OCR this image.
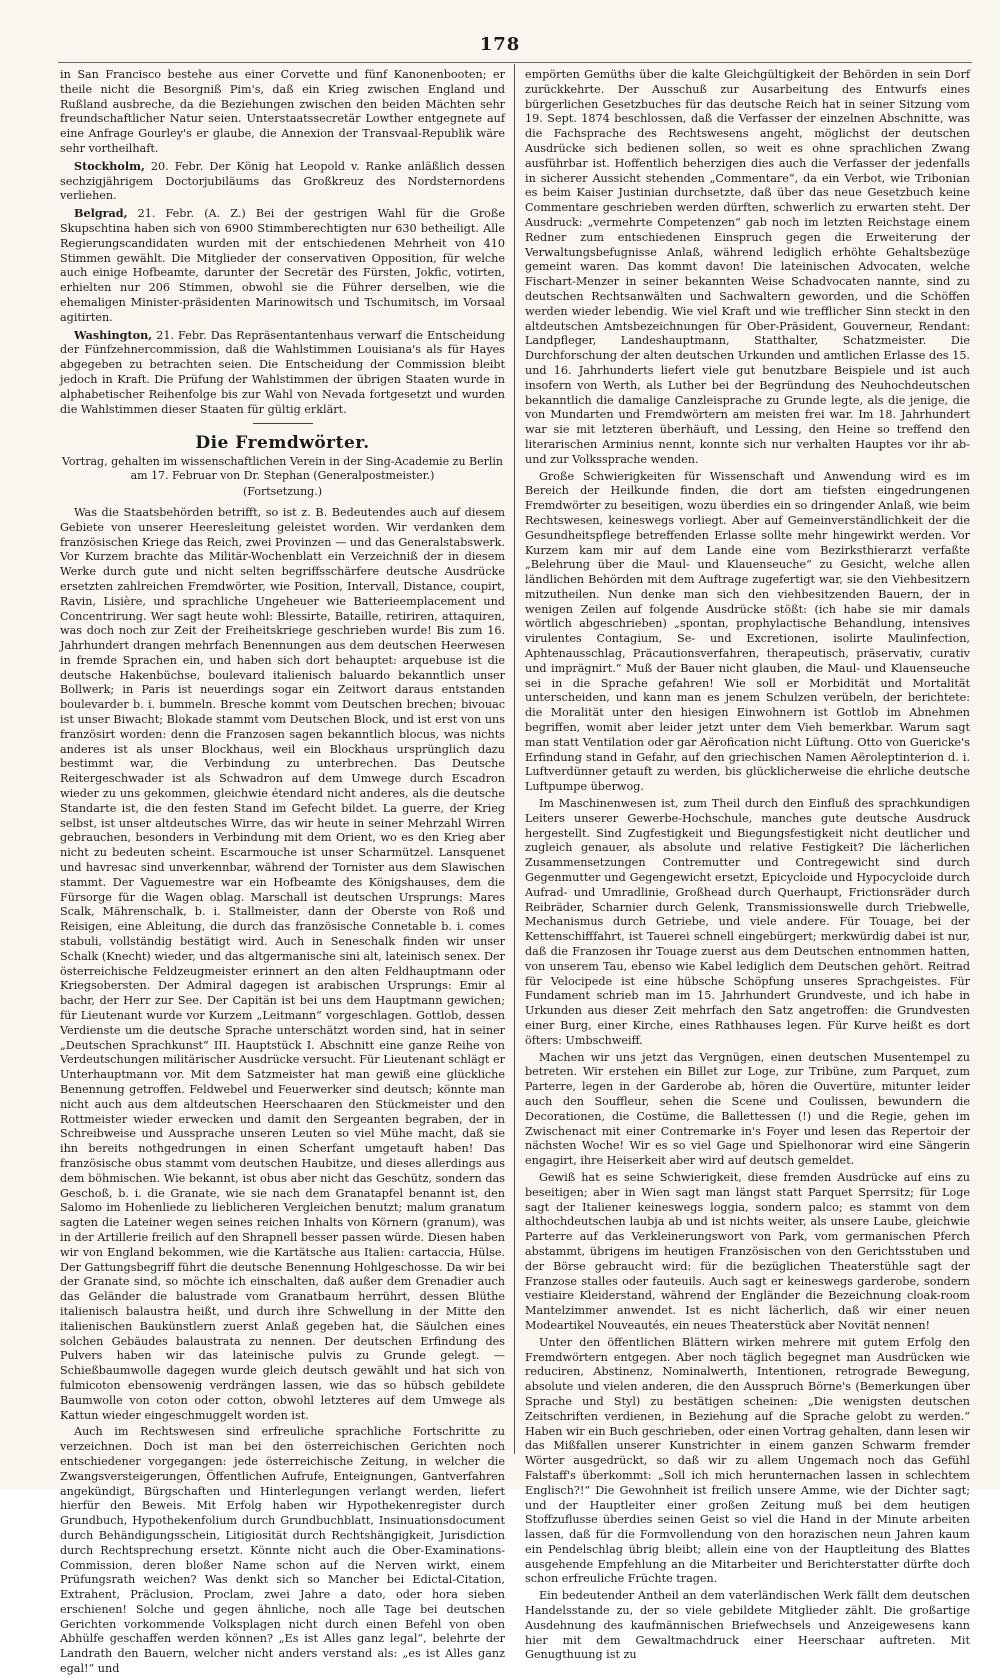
178

in San Francisco bestehe aus einer Corvette und fünf Kanonenbooten; er theile nicht die Besorgniß Pim's, daß ein Krieg zwischen England und Rußland ausbreche, da die Beziehungen zwischen den beiden Mächten sehr freundschaftlicher Natur seien. Unterstaatssecretär Lowther entgegnete auf eine Anfrage Gourley's er glaube, die Annexion der Transvaal-Republik wäre sehr vortheilhaft.

Stockholm, 20. Febr. Der König hat Leopold v. Ranke anläßlich dessen sechzigjährigem Doctorjubiläums das Großkreuz des Nordsternordens verliehen.

Belgrad, 21. Febr. (A. Z.) Bei der gestrigen Wahl für die Große Skupschtina haben sich von 6900 Stimmberechtigten nur 630 betheiligt. Alle Regierungscandidaten wurden mit der entschiedenen Mehrheit von 410 Stimmen gewählt. Die Mitglieder der conservativen Opposition, für welche auch einige Hofbeamte, darunter der Secretär des Fürsten, Jokfic, votirten, erhielten nur 206 Stimmen, obwohl sie die Führer derselben, wie die ehemaligen Minister-präsidenten Marinowitsch und Tschumitsch, im Vorsaal agitirten.

Washington, 21. Febr. Das Repräsentantenhaus verwarf die Entscheidung der Fünfzehnercommission, daß die Wahlstimmen Louisiana's als für Hayes abgegeben zu betrachten seien. Die Entscheidung der Commission bleibt jedoch in Kraft. Die Prüfung der Wahlstimmen der übrigen Staaten wurde in alphabetischer Reihenfolge bis zur Wahl von Nevada fortgesetzt und wurden die Wahlstimmen dieser Staaten für gültig erklärt.

Die Fremdwörter.
Vortrag, gehalten im wissenschaftlichen Verein in der Sing-Academie zu Berlin am 17. Februar von Dr. Stephan (Generalpostmeister.)
(Fortsetzung.)

Was die Staatsbehörden betrifft, so ist z. B. Bedeutendes auch auf diesem Gebiete von unserer Heeresleitung geleistet worden. Wir verdanken dem französischen Kriege das Reich, zwei Provinzen — und das Generalstabswerk. Vor Kurzem brachte das Militär-Wochenblatt ein Verzeichniß der in diesem Werke durch gute und nicht selten begriffsschärfere deutsche Ausdrücke ersetzten zahlreichen Fremdwörter, wie Position, Intervall, Distance, coupirt, Ravin, Lisière, und sprachliche Ungeheuer wie Batterieemplacement und Concentrirung. Wer sagt heute wohl: Blessirte, Bataille, retiriren, attaquiren, was doch noch zur Zeit der Freiheitskriege geschrieben wurde! Bis zum 16. Jahrhundert drangen mehrfach Benennungen aus dem deutschen Heerwesen in fremde Sprachen ein, und haben sich dort behauptet: arquebuse ist die deutsche Hakenbüchse, boulevard italienisch baluardo bekanntlich unser Bollwerk; in Paris ist neuerdings sogar ein Zeitwort daraus entstanden boulevarder b. i. bummeln. Bresche kommt vom Deutschen brechen; bivouac ist unser Biwacht; Blokade stammt vom Deutschen Block, und ist erst von uns französirt worden: denn die Franzosen sagen bekanntlich blocus, was nichts anderes ist als unser Blockhaus, weil ein Blockhaus ursprünglich dazu bestimmt war, die Verbindung zu unterbrechen. Das Deutsche Reitergeschwader ist als Schwadron auf dem Umwege durch Escadron wieder zu uns gekommen, gleichwie étendard nicht anderes, als die deutsche Standarte ist, die den festen Stand im Gefecht bildet. La guerre, der Krieg selbst, ist unser altdeutsches Wirre, das wir heute in seiner Mehrzahl Wirren gebrauchen, besonders in Verbindung mit dem Orient, wo es den Krieg aber nicht zu bedeuten scheint. Escarmouche ist unser Scharmützel. Lansquenet und havresac sind unverkennbar, während der Tornister aus dem Slawischen stammt. Der Vaguemestre war ein Hofbeamte des Königshauses, dem die Fürsorge für die Wagen oblag. Marschall ist deutschen Ursprungs: Mares Scalk, Mährenschalk, b. i. Stallmeister, dann der Oberste von Roß und Reisigen, eine Ableitung, die durch das französische Connetable b. i. comes stabuli, vollständig bestätigt wird. Auch in Seneschalk finden wir unser Schalk (Knecht) wieder, und das altgermanische sini alt, lateinisch senex. Der österreichische Feldzeugmeister erinnert an den alten Feldhauptmann oder Kriegsobersten. Der Admiral dagegen ist arabischen Ursprungs: Emir al bachr, der Herr zur See. Der Capitän ist bei uns dem Hauptmann gewichen; für Lieutenant wurde vor Kurzem „Leitmann“ vorgeschlagen. Gottlob, dessen Verdienste um die deutsche Sprache unterschätzt worden sind, hat in seiner „Deutschen Sprachkunst“ III. Hauptstück I. Abschnitt eine ganze Reihe von Verdeutschungen militärischer Ausdrücke versucht. Für Lieutenant schlägt er Unterhauptmann vor. Mit dem Satzmeister hat man gewiß eine glückliche Benennung getroffen. Feldwebel und Feuerwerker sind deutsch; könnte man nicht auch aus dem altdeutschen Heerschaaren den Stückmeister und den Rottmeister wieder erwecken und damit den Sergeanten begraben, der in Schreibweise und Aussprache unseren Leuten so viel Mühe macht, daß sie ihn bereits nothgedrungen in einen Scherfant umgetauft haben! Das französische obus stammt vom deutschen Haubitze, und dieses allerdings aus dem böhmischen. Wie bekannt, ist obus aber nicht das Geschütz, sondern das Geschoß, b. i. die Granate, wie sie nach dem Granatapfel benannt ist, den Salomo im Hohenliede zu lieblicheren Vergleichen benutzt; malum granatum sagten die Lateiner wegen seines reichen Inhalts von Körnern (granum), was in der Artillerie freilich auf den Shrapnell besser passen würde. Diesen haben wir von England bekommen, wie die Kartätsche aus Italien: cartaccia, Hülse. Der Gattungsbegriff führt die deutsche Benennung Hohlgeschosse. Da wir bei der Granate sind, so möchte ich einschalten, daß außer dem Grenadier auch das Geländer die balustrade vom Granatbaum herrührt, dessen Blüthe italienisch balaustra heißt, und durch ihre Schwellung in der Mitte den italienischen Baukünstlern zuerst Anlaß gegeben hat, die Säulchen eines solchen Gebäudes balaustrata zu nennen. Der deutschen Erfindung des Pulvers haben wir das lateinische pulvis zu Grunde gelegt. — Schießbaumwolle dagegen wurde gleich deutsch gewählt und hat sich von fulmicoton ebensowenig verdrängen lassen, wie das so hübsch gebildete Baumwolle von coton oder cotton, obwohl letzteres auf dem Umwege als Kattun wieder eingeschmuggelt worden ist.

Auch im Rechtswesen sind erfreuliche sprachliche Fortschritte zu verzeichnen. Doch ist man bei den österreichischen Gerichten noch entschiedener vorgegangen: jede österreichische Zeitung, in welcher die Zwangsversteigerungen, Öffentlichen Aufrufe, Enteignungen, Gantverfahren angekündigt, Bürgschaften und Hinterlegungen verlangt werden, liefert hierfür den Beweis. Mit Erfolg haben wir Hypothekenregister durch Grundbuch, Hypothekenfolium durch Grundbuchblatt, Insinuationsdocument durch Behändigungsschein, Litigiosität durch Rechtshängigkeit, Jurisdiction durch Rechtsprechung ersetzt. Könnte nicht auch die Ober-Examinations-Commission, deren bloßer Name schon auf die Nerven wirkt, einem Prüfungsrath weichen? Was denkt sich so Mancher bei Edictal-Citation, Extrahent, Präclusion, Proclam, zwei Jahre a dato, oder hora sieben erschienen! Solche und gegen ähnliche, noch alle Tage bei deutschen Gerichten vorkommende Volksplagen nicht durch einen Befehl von oben Abhülfe geschaffen werden können? „Es ist Alles ganz legal“, belehrte der Landrath den Bauern, welcher nicht anders verstand als: „es ist Alles ganz egal!“ und

empörten Gemüths über die kalte Gleichgültigkeit der Behörden in sein Dorf zurückkehrte. Der Ausschuß zur Ausarbeitung des Entwurfs eines bürgerlichen Gesetzbuches für das deutsche Reich hat in seiner Sitzung vom 19. Sept. 1874 beschlossen, daß die Verfasser der einzelnen Abschnitte, was die Fachsprache des Rechtswesens angeht, möglichst der deutschen Ausdrücke sich bedienen sollen, so weit es ohne sprachlichen Zwang ausführbar ist. Hoffentlich beherzigen dies auch die Verfasser der jedenfalls in sicherer Aussicht stehenden „Commentare“, da ein Verbot, wie Tribonian es beim Kaiser Justinian durchsetzte, daß über das neue Gesetzbuch keine Commentare geschrieben werden dürften, schwerlich zu erwarten steht. Der Ausdruck: „vermehrte Competenzen“ gab noch im letzten Reichstage einem Redner zum entschiedenen Einspruch gegen die Erweiterung der Verwaltungsbefugnisse Anlaß, während lediglich erhöhte Gehaltsbezüge gemeint waren. Das kommt davon! Die lateinischen Advocaten, welche Fischart-Menzer in seiner bekannten Weise Schadvocaten nannte, sind zu deutschen Rechtsanwälten und Sachwaltern geworden, und die Schöffen werden wieder lebendig. Wie viel Kraft und wie trefflicher Sinn steckt in den altdeutschen Amtsbezeichnungen für Ober-Präsident, Gouverneur, Rendant: Landpfleger, Landeshauptmann, Statthalter, Schatzmeister. Die Durchforschung der alten deutschen Urkunden und amtlichen Erlasse des 15. und 16. Jahrhunderts liefert viele gut benutzbare Beispiele und ist auch insofern von Werth, als Luther bei der Begründung des Neuhochdeutschen bekanntlich die damalige Canzleisprache zu Grunde legte, als die jenige, die von Mundarten und Fremdwörtern am meisten frei war. Im 18. Jahrhundert war sie mit letzteren überhäuft, und Lessing, den Heine so treffend den literarischen Arminius nennt, konnte sich nur verhalten Hauptes vor ihr ab- und zur Volkssprache wenden.

Große Schwierigkeiten für Wissenschaft und Anwendung wird es im Bereich der Heilkunde finden, die dort am tiefsten eingedrungenen Fremdwörter zu beseitigen, wozu überdies ein so dringender Anlaß, wie beim Rechtswesen, keineswegs vorliegt. Aber auf Gemeinverständlichkeit der die Gesundheitspflege betreffenden Erlasse sollte mehr hingewirkt werden. Vor Kurzem kam mir auf dem Lande eine vom Bezirksthierarzt verfaßte „Belehrung über die Maul- und Klauenseuche“ zu Gesicht, welche allen ländlichen Behörden mit dem Auftrage zugefertigt war, sie den Viehbesitzern mitzutheilen. Nun denke man sich den viehbesitzenden Bauern, der in wenigen Zeilen auf folgende Ausdrücke stößt: (ich habe sie mir damals wörtlich abgeschrieben) „spontan, prophylactische Behandlung, intensives virulentes Contagium, Se- und Excretionen, isolirte Maulinfection, Aphtenausschlag, Präcautionsverfahren, therapeutisch, präservativ, curativ und imprägnirt.“ Muß der Bauer nicht glauben, die Maul- und Klauenseuche sei in die Sprache gefahren! Wie soll er Morbidität und Mortalität unterscheiden, und kann man es jenem Schulzen verübeln, der berichtete: die Moralität unter den hiesigen Einwohnern ist Gottlob im Abnehmen begriffen, womit aber leider jetzt unter dem Vieh bemerkbar. Warum sagt man statt Ventilation oder gar Aërofication nicht Lüftung. Otto von Guericke's Erfindung stand in Gefahr, auf den griechischen Namen Aëroleptinterion d. i. Luftverdünner getauft zu werden, bis glücklicherweise die ehrliche deutsche Luftpumpe überwog.

Im Maschinenwesen ist, zum Theil durch den Einfluß des sprachkundigen Leiters unserer Gewerbe-Hochschule, manches gute deutsche Ausdruck hergestellt. Sind Zugfestigkeit und Biegungsfestigkeit nicht deutlicher und zugleich genauer, als absolute und relative Festigkeit? Die lächerlichen Zusammensetzungen Contremutter und Contregewicht sind durch Gegenmutter und Gegengewicht ersetzt, Epicycloide und Hypocycloide durch Aufrad- und Umradlinie, Großhead durch Querhaupt, Frictionsräder durch Reibräder, Scharnier durch Gelenk, Transmissionswelle durch Triebwelle, Mechanismus durch Getriebe, und viele andere. Für Touage, bei der Kettenschifffahrt, ist Tauerei schnell eingebürgert; merkwürdig dabei ist nur, daß die Franzosen ihr Touage zuerst aus dem Deutschen entnommen hatten, von unserem Tau, ebenso wie Kabel lediglich dem Deutschen gehört. Reitrad für Velocipede ist eine hübsche Schöpfung unseres Sprachgeistes. Für Fundament schrieb man im 15. Jahrhundert Grundveste, und ich habe in Urkunden aus dieser Zeit mehrfach den Satz angetroffen: die Grundvesten einer Burg, einer Kirche, eines Rathhauses legen. Für Kurve heißt es dort öfters: Umbschweiff.

Machen wir uns jetzt das Vergnügen, einen deutschen Musentempel zu betreten. Wir erstehen ein Billet zur Loge, zur Tribüne, zum Parquet, zum Parterre, legen in der Garderobe ab, hören die Ouvertüre, mitunter leider auch den Souffleur, sehen die Scene und Coulissen, bewundern die Decorationen, die Costüme, die Ballettessen (!) und die Regie, gehen im Zwischenact mit einer Contremarke in's Foyer und lesen das Repertoir der nächsten Woche! Wir es so viel Gage und Spielhonorar wird eine Sängerin engagirt, ihre Heiserkeit aber wird auf deutsch gemeldet.

Gewiß hat es seine Schwierigkeit, diese fremden Ausdrücke auf eins zu beseitigen; aber in Wien sagt man längst statt Parquet Sperrsitz; für Loge sagt der Italiener keineswegs loggia, sondern palco; es stammt von dem althochdeutschen laubja ab und ist nichts weiter, als unsere Laube, gleichwie Parterre auf das Verkleinerungswort von Park, vom germanischen Pferch abstammt, übrigens im heutigen Französischen von den Gerichtsstuben und der Börse gebraucht wird: für die bezüglichen Theaterstühle sagt der Franzose stalles oder fauteuils. Auch sagt er keineswegs garderobe, sondern vestiaire Kleiderstand, während der Engländer die Bezeichnung cloak-room Mantelzimmer anwendet. Ist es nicht lächerlich, daß wir einer neuen Modeartikel Nouveautés, ein neues Theaterstück aber Novität nennen!

Unter den öffentlichen Blättern wirken mehrere mit gutem Erfolg den Fremdwörtern entgegen. Aber noch täglich begegnet man Ausdrücken wie reduciren, Abstinenz, Nominalwerth, Intentionen, retrograde Bewegung, absolute und vielen anderen, die den Ausspruch Börne's (Bemerkungen über Sprache und Styl) zu bestätigen scheinen: „Die wenigsten deutschen Zeitschriften verdienen, in Beziehung auf die Sprache gelobt zu werden.“ Haben wir ein Buch geschrieben, oder einen Vortrag gehalten, dann lesen wir das Mißfallen unserer Kunstrichter in einem ganzen Schwarm fremder Wörter ausgedrückt, so daß wir zu allem Ungemach noch das Gefühl Falstaff's überkommt: „Soll ich mich herunternachen lassen in schlechtem Englisch?!“ Die Gewohnheit ist freilich unsere Amme, wie der Dichter sagt; und der Hauptleiter einer großen Zeitung muß bei dem heutigen Stoffzuflusse überdies seinen Geist so viel die Hand in der Minute arbeiten lassen, daß für die Formvollendung von den horazischen neun Jahren kaum ein Pendelschlag übrig bleibt; allein eine von der Hauptleitung des Blattes ausgehende Empfehlung an die Mitarbeiter und Berichterstatter dürfte doch schon erfreuliche Früchte tragen.

Ein bedeutender Antheil an dem vaterländischen Werk fällt dem deutschen Handelsstande zu, der so viele gebildete Mitglieder zählt. Die großartige Ausdehnung des kaufmännischen Briefwechsels und Anzeigewesens kann hier mit dem Gewaltmachdruck einer Heerschaar auftreten. Mit Genugthuung ist zu
